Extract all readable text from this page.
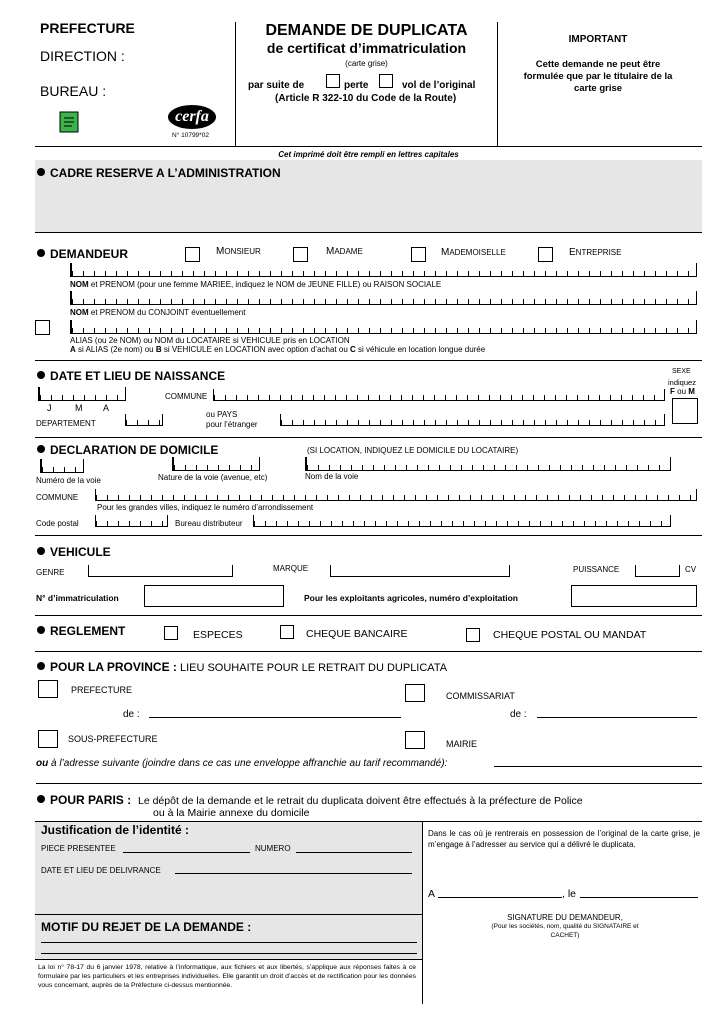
PREFECTURE
DIRECTION :
BUREAU :
cerfa
N° 10799*02
DEMANDE DE DUPLICATA
de certificat d’immatriculation
(carte grise)
par suite de	perte	vol de l’original
(Article R 322-10 du Code de la Route)
IMPORTANT
Cette demande ne peut être formulée que par le titulaire de la carte grise
Cet imprimé doit être rempli en lettres capitales
CADRE RESERVE A L’ADMINISTRATION
DEMANDEUR	MONSIEUR	MADAME	MADEMOISELLE	ENTREPRISE
NOM et PRENOM (pour une femme MARIEE, indiquez le NOM de JEUNE FILLE) ou RAISON SOCIALE
NOM et PRENOM du CONJOINT éventuellement
ALIAS (ou 2e NOM) ou NOM du LOCATAIRE si VEHICULE pris en LOCATION
A si ALIAS (2e nom) ou B si VEHICULE en LOCATION avec option d’achat ou C si véhicule en location longue durée
DATE ET LIEU DE NAISSANCE	SEXE
indiquez
F ou M
J	M A
COMMUNE
DEPARTEMENT
ou PAYS
pour l’étranger
DECLARATION DE DOMICILE	(SI LOCATION, INDIQUEZ LE DOMICILE DU LOCATAIRE)
Numéro de la voie	Nature de la voie (avenue, etc)	Nom de la voie
COMMUNE
Pour les grandes villes, indiquez le numéro d’arrondissement
Code postal	Bureau distributeur
VEHICULE
GENRE	MARQUE	PUISSANCE	CV
N° d’immatriculation	Pour les exploitants agricoles, numéro d’exploitation
REGLEMENT	ESPECES	CHEQUE BANCAIRE	CHEQUE POSTAL OU MANDAT
POUR LA PROVINCE : LIEU SOUHAITE POUR LE RETRAIT DU DUPLICATA
PREFECTURE
COMMISSARIAT
de :	de :
SOUS-PREFECTURE	MAIRIE
ou à l’adresse suivante (joindre dans ce cas une enveloppe affranchie au tarif recommandé):
POUR PARIS : Le dépôt de la demande et le retrait du duplicata doivent être effectués à la préfecture de Police
ou à la Mairie annexe du domicile
Justification de l’identité :
PIECE PRESENTEE	NUMERO
DATE ET LIEU DE DELIVRANCE
MOTIF DU REJET DE LA DEMANDE :
Dans le cas où je rentrerais en possession de l’original de la carte grise, je m’engage à l’adresser au service qui a délivré le duplicata.
A	, le
SIGNATURE DU DEMANDEUR,
(Pour les sociétés, nom, qualité du SIGNATAIRE et CACHET)
La loi n° 78-17 du 6 janvier 1978, relative à l’informatique, aux fichiers et aux libertés, s’applique aux réponses faites à ce formulaire par les particuliers et les entreprises individuelles. Elle garantit un droit d’accès et de rectification pour les données vous concernant, auprès de la Préfecture ci-dessus mentionnée.
